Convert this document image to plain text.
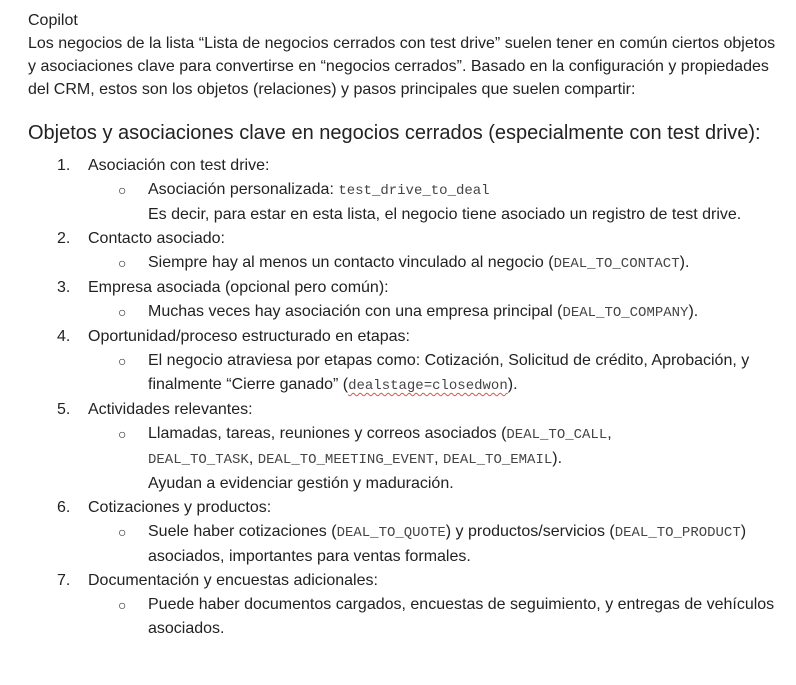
Copilot

Los negocios de la lista “Lista de negocios cerrados con test drive” suelen tener en común ciertos objetos y asociaciones clave para convertirse en “negocios cerrados”. Basado en la configuración y propiedades del CRM, estos son los objetos (relaciones) y pasos principales que suelen compartir:

Objetos y asociaciones clave en negocios cerrados (especialmente con test drive):
1.	Asociación con test drive:
○ Asociación personalizada: test_drive_to_deal
Es decir, para estar en esta lista, el negocio tiene asociado un registro de test drive.
2.	Contacto asociado:
○ Siempre hay al menos un contacto vinculado al negocio (DEAL_TO_CONTACT).
3.	Empresa asociada (opcional pero común):
○ Muchas veces hay asociación con una empresa principal (DEAL_TO_COMPANY).
4.	Oportunidad/proceso estructurado en etapas:
○ El negocio atraviesa por etapas como: Cotización, Solicitud de crédito, Aprobación, y finalmente “Cierre ganado” (dealstage=closedwon).
5.	Actividades relevantes:
○ Llamadas, tareas, reuniones y correos asociados (DEAL_TO_CALL,
DEAL_TO_TASK, DEAL_TO_MEETING_EVENT, DEAL_TO_EMAIL).
Ayudan a evidenciar gestión y maduración.
6.	Cotizaciones y productos:
○ Suele haber cotizaciones (DEAL_TO_QUOTE) y productos/servicios (DEAL_TO_PRODUCT) asociados, importantes para ventas formales.
7.	Documentación y encuestas adicionales:
○ Puede haber documentos cargados, encuestas de seguimiento, y entregas de vehículos asociados.
